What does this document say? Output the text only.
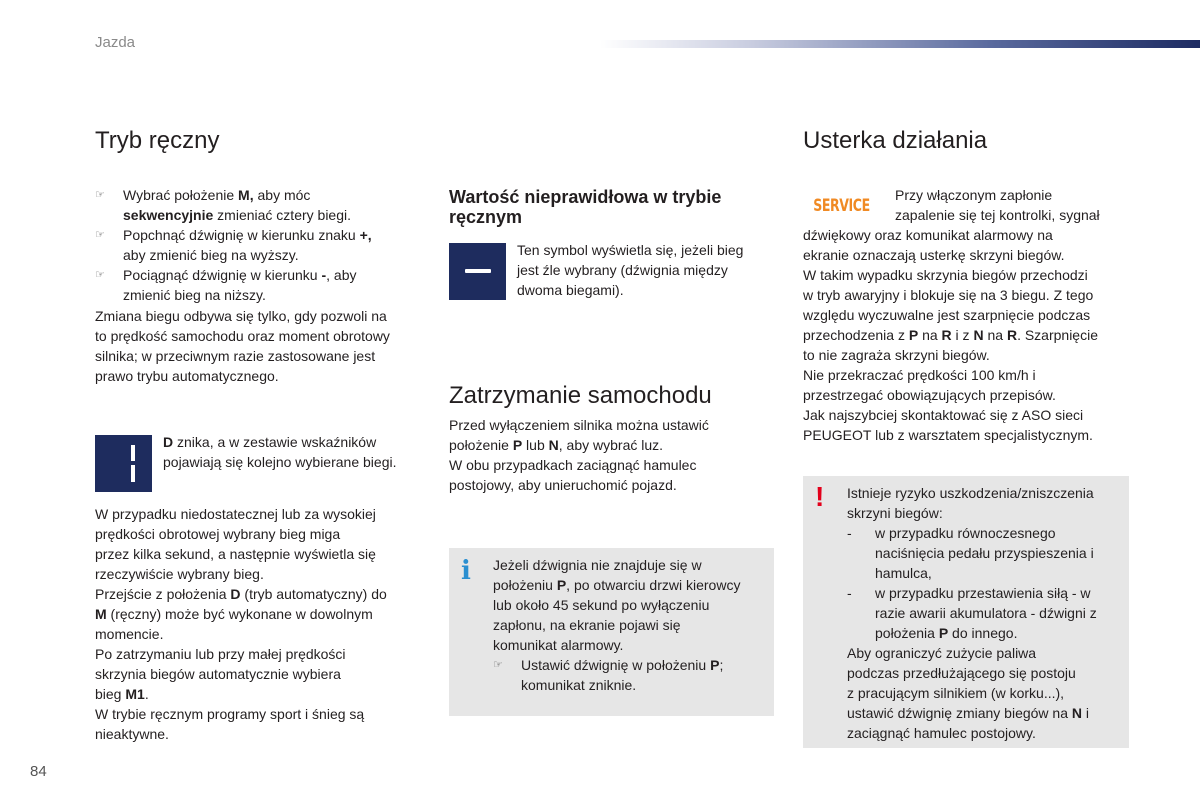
Jazda
Tryb ręczny
☞	Wybrać położenie M, aby móc
sekwencyjnie zmieniać cztery biegi.
☞	Popchnąć dźwignię w kierunku znaku +,
aby zmienić bieg na wyższy.
☞	Pociągnąć dźwignię w kierunku -, aby
zmienić bieg na niższy.
Zmiana biegu odbywa się tylko, gdy pozwoli na
to prędkość samochodu oraz moment obrotowy
silnika; w przeciwnym razie zastosowane jest
prawo trybu automatycznego.
D znika, a w zestawie wskaźników
pojawiają się kolejno wybierane biegi.
W przypadku niedostatecznej lub za wysokiej
prędkości obrotowej wybrany bieg miga
przez kilka sekund, a następnie wyświetla się
rzeczywiście wybrany bieg.
Przejście z położenia D (tryb automatyczny) do
M (ręczny) może być wykonane w dowolnym
momencie.
Po zatrzymaniu lub przy małej prędkości
skrzynia biegów automatycznie wybiera
bieg M1.
W trybie ręcznym programy sport i śnieg są
nieaktywne.
Wartość nieprawidłowa w trybie
ręcznym
Ten symbol wyświetla się, jeżeli bieg
jest źle wybrany (dźwignia między
dwoma biegami).
Zatrzymanie samochodu
Przed wyłączeniem silnika można ustawić
położenie P lub N, aby wybrać luz.
W obu przypadkach zaciągnąć hamulec
postojowy, aby unieruchomić pojazd.
i Jeżeli dźwignia nie znajduje się w
położeniu P, po otwarciu drzwi kierowcy
lub około 45 sekund po wyłączeniu
zapłonu, na ekranie pojawi się
komunikat alarmowy.
☞	Ustawić dźwignię w położeniu P;
komunikat zniknie.
Usterka działania
SERVICE
Przy włączonym zapłonie
zapalenie się tej kontrolki, sygnał
dźwiękowy oraz komunikat alarmowy na
ekranie oznaczają usterkę skrzyni biegów.
W takim wypadku skrzynia biegów przechodzi
w tryb awaryjny i blokuje się na 3 biegu. Z tego
względu wyczuwalne jest szarpnięcie podczas
przechodzenia z P na R i z N na R. Szarpnięcie
to nie zagraża skrzyni biegów.
Nie przekraczać prędkości 100 km/h i
przestrzegać obowiązujących przepisów.
Jak najszybciej skontaktować się z ASO sieci
PEUGEOT lub z warsztatem specjalistycznym.
! Istnieje ryzyko uszkodzenia/zniszczenia
skrzyni biegów:
- w przypadku równoczesnego
naciśnięcia pedału przyspieszenia i
hamulca,
- w przypadku przestawienia siłą - w
razie awarii akumulatora - dźwigni z
położenia P do innego.
Aby ograniczyć zużycie paliwa
podczas przedłużającego się postoju
z pracującym silnikiem (w korku...),
ustawić dźwignię zmiany biegów na N i
zaciągnąć hamulec postojowy.
84
